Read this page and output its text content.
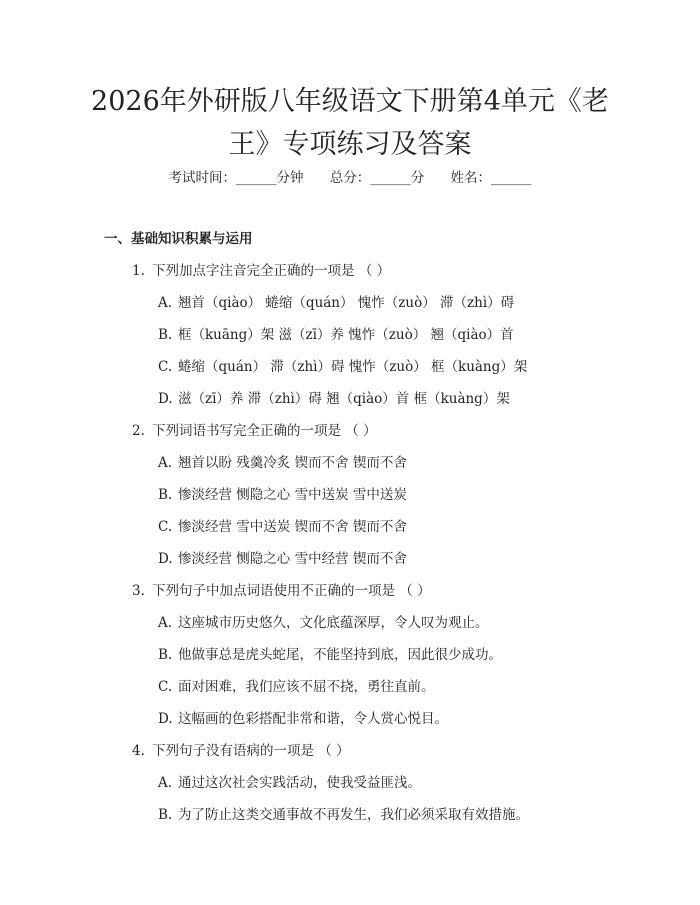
2026年外研版八年级语文下册第4单元《老
王》专项练习及答案
考试时间：______分钟 总分：______分 姓名：______
一、基础知识积累与运用
1. 下列加点字注音完全正确的一项是 （ ）
A. 翘首（qiào） 蜷缩（quán） 愧怍（zuò） 滞（zhì）碍
B. 框（kuāng）架 滋（zī）养 愧怍（zuò） 翘（qiào）首
C. 蜷缩（quán） 滞（zhì）碍 愧怍（zuò） 框（kuàng）架
D. 滋（zī）养 滞（zhì）碍 翘（qiào）首 框（kuàng）架
2. 下列词语书写完全正确的一项是 （ ）
A. 翘首以盼 残羹冷炙 锲而不舍 锲而不舍
B. 惨淡经营 恻隐之心 雪中送炭 雪中送炭
C. 惨淡经营 雪中送炭 锲而不舍 锲而不舍
D. 惨淡经营 恻隐之心 雪中经营 锲而不舍
3. 下列句子中加点词语使用不正确的一项是 （ ）
A. 这座城市历史悠久，文化底蕴深厚，令人叹为观止。
B. 他做事总是虎头蛇尾，不能坚持到底，因此很少成功。
C. 面对困难，我们应该不屈不挠，勇往直前。
D. 这幅画的色彩搭配非常和谐，令人赏心悦目。
4. 下列句子没有语病的一项是 （ ）
A. 通过这次社会实践活动，使我受益匪浅。
B. 为了防止这类交通事故不再发生，我们必须采取有效措施。
